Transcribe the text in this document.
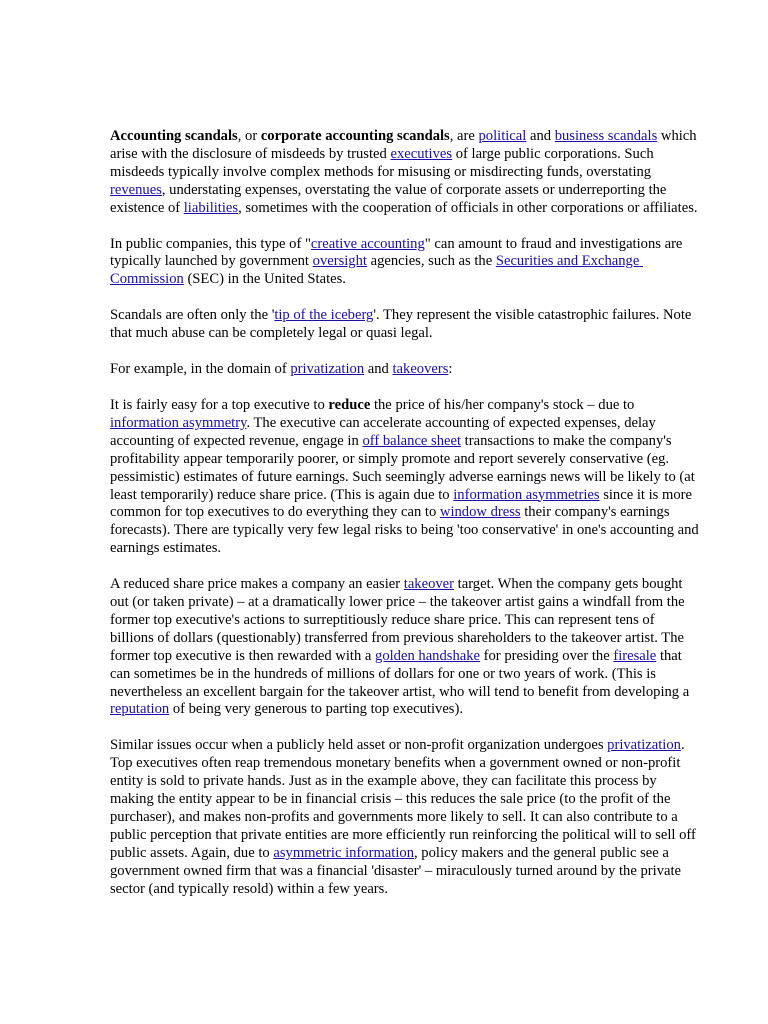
Accounting scandals, or corporate accounting scandals, are political and business scandals which arise with the disclosure of misdeeds by trusted executives of large public corporations. Such misdeeds typically involve complex methods for misusing or misdirecting funds, overstating revenues, understating expenses, overstating the value of corporate assets or underreporting the existence of liabilities, sometimes with the cooperation of officials in other corporations or affiliates.

In public companies, this type of "creative accounting" can amount to fraud and investigations are typically launched by government oversight agencies, such as the Securities and Exchange Commission (SEC) in the United States.

Scandals are often only the 'tip of the iceberg'. They represent the visible catastrophic failures. Note that much abuse can be completely legal or quasi legal.

For example, in the domain of privatization and takeovers:

It is fairly easy for a top executive to reduce the price of his/her company's stock – due to information asymmetry. The executive can accelerate accounting of expected expenses, delay accounting of expected revenue, engage in off balance sheet transactions to make the company's profitability appear temporarily poorer, or simply promote and report severely conservative (eg. pessimistic) estimates of future earnings. Such seemingly adverse earnings news will be likely to (at least temporarily) reduce share price. (This is again due to information asymmetries since it is more common for top executives to do everything they can to window dress their company's earnings forecasts). There are typically very few legal risks to being 'too conservative' in one's accounting and earnings estimates.

A reduced share price makes a company an easier takeover target. When the company gets bought out (or taken private) – at a dramatically lower price – the takeover artist gains a windfall from the former top executive's actions to surreptitiously reduce share price. This can represent tens of billions of dollars (questionably) transferred from previous shareholders to the takeover artist. The former top executive is then rewarded with a golden handshake for presiding over the firesale that can sometimes be in the hundreds of millions of dollars for one or two years of work. (This is nevertheless an excellent bargain for the takeover artist, who will tend to benefit from developing a reputation of being very generous to parting top executives).

Similar issues occur when a publicly held asset or non-profit organization undergoes privatization. Top executives often reap tremendous monetary benefits when a government owned or non-profit entity is sold to private hands. Just as in the example above, they can facilitate this process by making the entity appear to be in financial crisis – this reduces the sale price (to the profit of the purchaser), and makes non-profits and governments more likely to sell. It can also contribute to a public perception that private entities are more efficiently run reinforcing the political will to sell off public assets. Again, due to asymmetric information, policy makers and the general public see a government owned firm that was a financial 'disaster' – miraculously turned around by the private sector (and typically resold) within a few years.
